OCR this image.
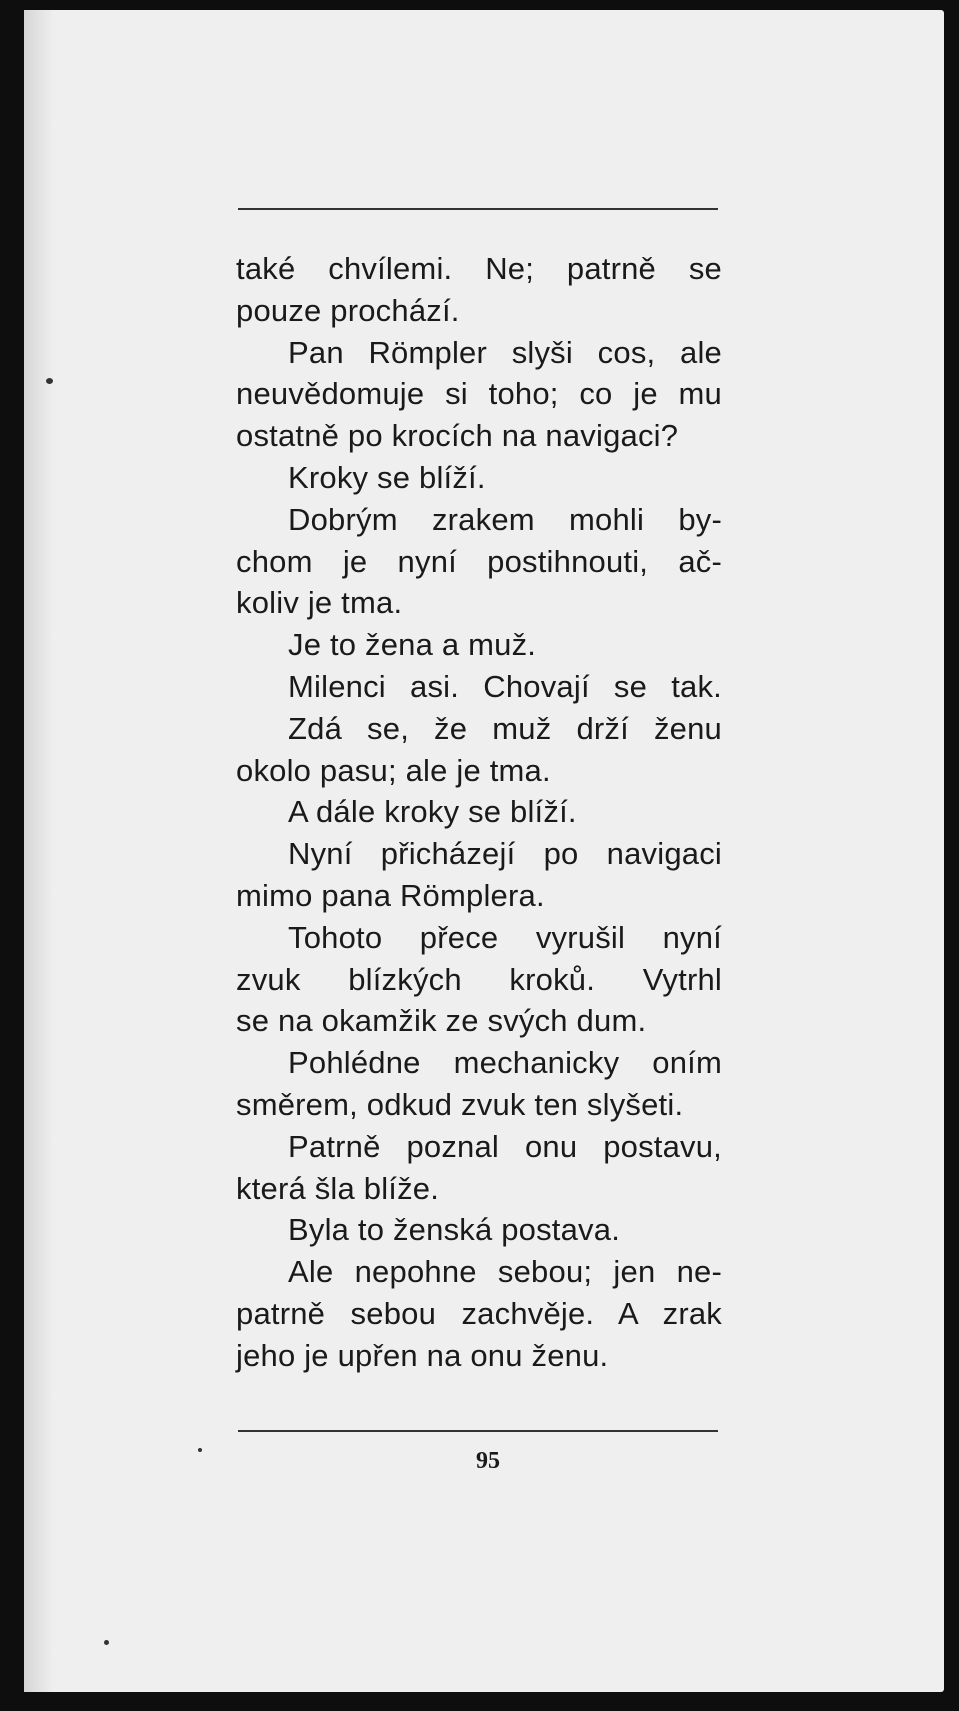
také chvílemi. Ne; patrně se
pouze prochází.
Pan Römpler slyši cos, ale
neuvědomuje si toho; co je mu
ostatně po krocích na navigaci?
Kroky se blíží.
Dobrým zrakem mohli by-
chom je nyní postihnouti, ač-
koliv je tma.
Je to žena a muž.
Milenci asi. Chovají se tak.
Zdá se, že muž drží ženu
okolo pasu; ale je tma.
A dále kroky se blíží.
Nyní přicházejí po navigaci
mimo pana Römplera.
Tohoto přece vyrušil nyní
zvuk blízkých kroků. Vytrhl
se na okamžik ze svých dum.
Pohlédne mechanicky oním
směrem, odkud zvuk ten slyšeti.
Patrně poznal onu postavu,
která šla blíže.
Byla to ženská postava.
Ale nepohne sebou; jen ne-
patrně sebou zachvěje. A zrak
jeho je upřen na onu ženu.
95
